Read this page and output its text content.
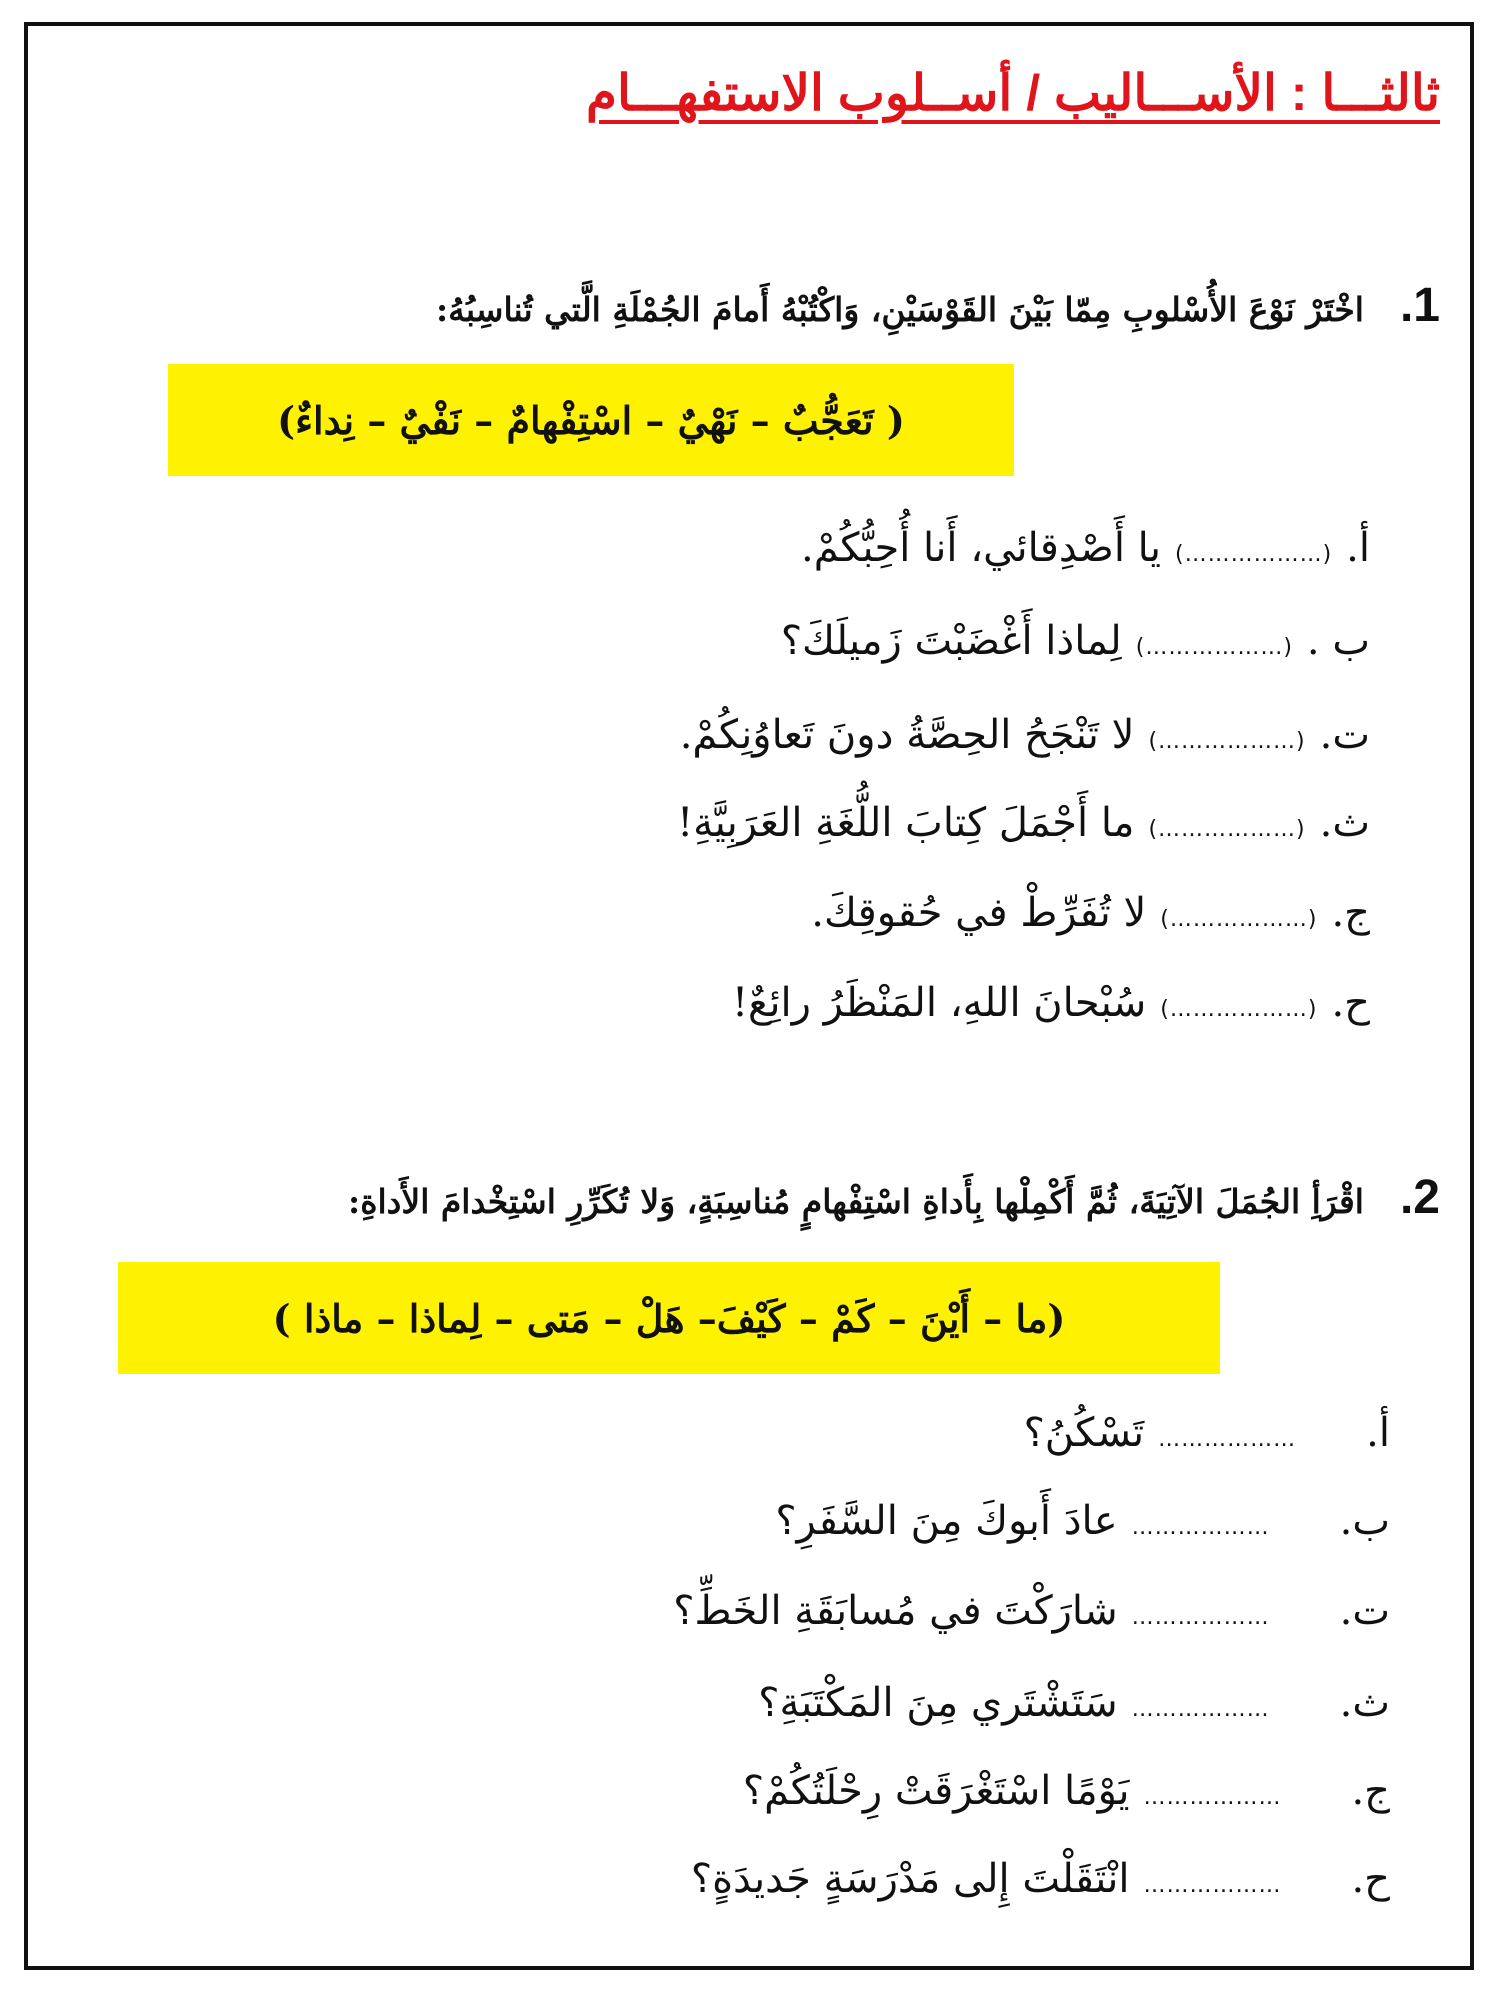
ثالثـــا : الأســـاليب / أســلوب الاستفهـــام
1.
اخْتَرْ نَوْعَ الأُسْلوبِ مِمّا بَيْنَ القَوْسَيْنِ، وَاكْتُبْهُ أَمامَ الجُمْلَةِ الَّتي تُناسِبُهُ:
( تَعَجُّبٌ – نَهْيٌ – اسْتِفْهامٌ – نَفْيٌ – نِداءٌ)
أ.
(………………)
يا أَصْدِقائي، أَنا أُحِبُّكُمْ.
ب .
(………………)
لِماذا أَغْضَبْتَ زَميلَكَ؟
ت.
(………………)
لا تَنْجَحُ الحِصَّةُ دونَ تَعاوُنِكُمْ.
ث.
(………………)
ما أَجْمَلَ كِتابَ اللُّغَةِ العَرَبِيَّةِ!
ج.
(………………)
لا تُفَرِّطْ في حُقوقِكَ.
ح.
(………………)
سُبْحانَ اللهِ، المَنْظَرُ رائِعٌ!
2.
اقْرَأِ الجُمَلَ الآتِيَةَ، ثُمَّ أَكْمِلْها بِأَداةِ اسْتِفْهامٍ مُناسِبَةٍ، وَلا تُكَرِّرِ اسْتِخْدامَ الأَداةِ:
(ما – أَيْنَ – كَمْ – كَيْفَ– هَلْ – مَتى – لِماذا – ماذا )
أ.
………………
تَسْكُنُ؟
ب.
………………
عادَ أَبوكَ مِنَ السَّفَرِ؟
ت.
………………
شارَكْتَ في مُسابَقَةِ الخَطِّ؟
ث.
………………
سَتَشْتَري مِنَ المَكْتَبَةِ؟
ج.
………………
يَوْمًا اسْتَغْرَقَتْ رِحْلَتُكُمْ؟
ح.
………………
انْتَقَلْتَ إِلى مَدْرَسَةٍ جَديدَةٍ؟
